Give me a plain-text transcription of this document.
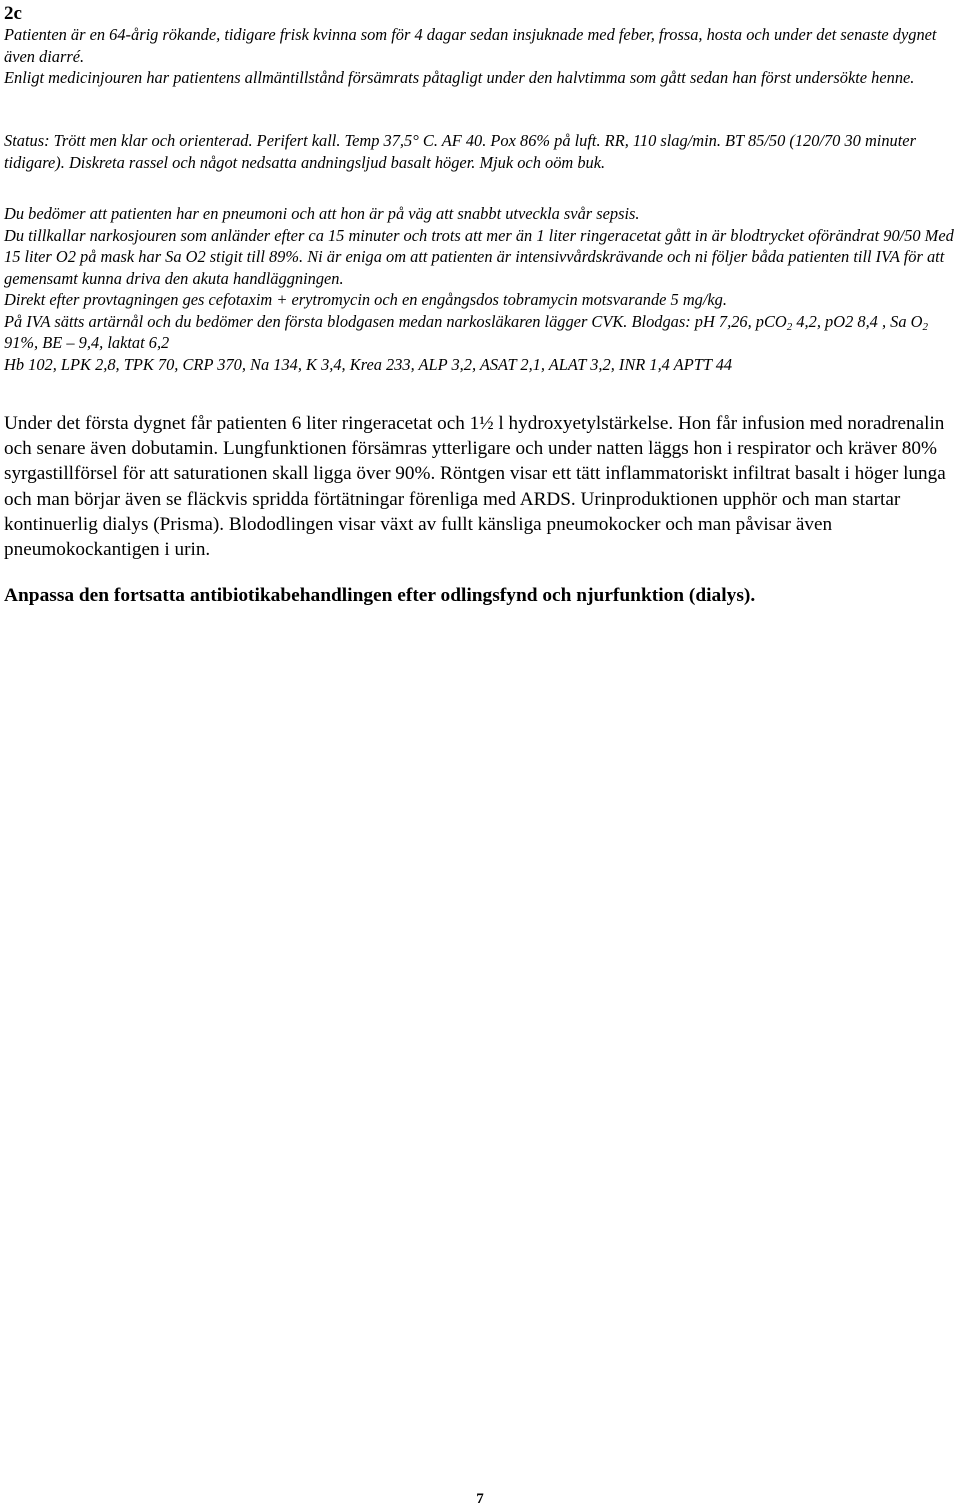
2c

Patienten är en 64-årig rökande, tidigare frisk kvinna som för 4 dagar sedan insjuknade med feber, frossa, hosta och under det senaste dygnet även diarré.

Enligt medicinjouren har patientens allmäntillstånd försämrats påtagligt under den halvtimma som gått sedan han först undersökte henne.

Status: Trött men klar och orienterad. Perifert kall. Temp 37,5° C. AF 40. Pox 86% på luft. RR, 110 slag/min. BT 85/50 (120/70 30 minuter tidigare). Diskreta rassel och något nedsatta andningsljud basalt höger. Mjuk och oöm buk.

Du bedömer att patienten har en pneumoni och att hon är på väg att snabbt utveckla svår sepsis.

Du tillkallar narkosjouren som anländer efter ca 15 minuter och trots att mer än 1 liter ringeracetat gått in är blodtrycket oförändrat 90/50 Med 15 liter O2 på mask har Sa O2 stigit till 89%. Ni är eniga om att patienten är intensivvårdskrävande och ni följer båda patienten till IVA för att gemensamt kunna driva den akuta handläggningen.

Direkt efter provtagningen ges cefotaxim + erytromycin och en engångsdos tobramycin motsvarande 5 mg/kg.

På IVA sätts artärnål och du bedömer den första blodgasen medan narkosläkaren lägger CVK. Blodgas: pH 7,26, pCO$_2$ 4,2, pO2 8,4 , Sa $O_2$ 91%, BE – 9,4, laktat 6,2

Hb 102, LPK 2,8, TPK 70, CRP 370, Na 134, K 3,4, Krea 233, ALP 3,2, ASAT 2,1, ALAT 3,2, INR 1,4 APTT 44

Under det första dygnet får patienten 6 liter ringeracetat och 1½ l hydroxyetylstärkelse. Hon får infusion med noradrenalin och senare även dobutamin. Lungfunktionen försämras ytterligare och under natten läggs hon i respirator och kräver 80% syrgastillförsel för att saturationen skall ligga över 90%. Röntgen visar ett tätt inflammatoriskt infiltrat basalt i höger lunga och man börjar även se fläckvis spridda förtätningar förenliga med ARDS. Urinproduktionen upphör och man startar kontinuerlig dialys (Prisma). Blododlingen visar växt av fullt känsliga pneumokocker och man påvisar även pneumokockantigen i urin.

Anpassa den fortsatta antibiotikabehandlingen efter odlingsfynd och njurfunktion (dialys).
7
